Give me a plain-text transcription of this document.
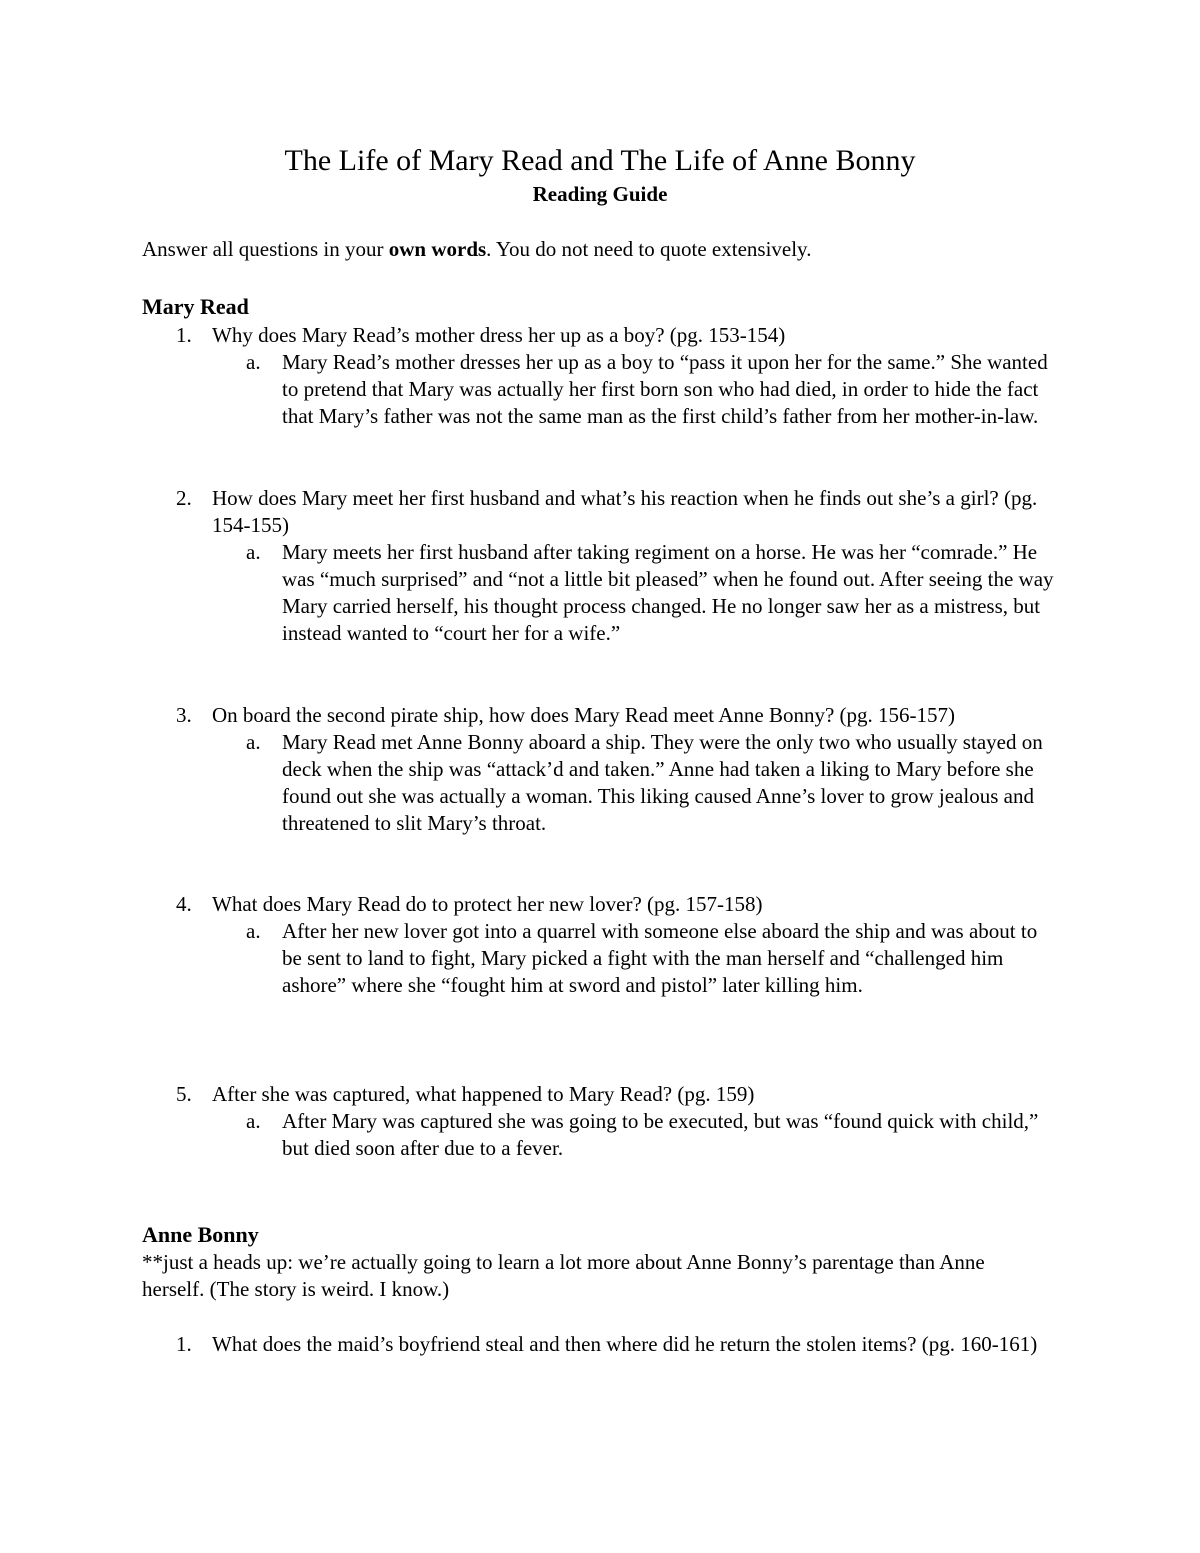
The Life of Mary Read and The Life of Anne Bonny
Reading Guide
Answer all questions in your own words. You do not need to quote extensively.
Mary Read
1. Why does Mary Read’s mother dress her up as a boy? (pg. 153-154)
a. Mary Read’s mother dresses her up as a boy to “pass it upon her for the same.” She wanted to pretend that Mary was actually her first born son who had died, in order to hide the fact that Mary’s father was not the same man as the first child’s father from her mother-in-law.
2. How does Mary meet her first husband and what’s his reaction when he finds out she’s a girl? (pg. 154-155)
a. Mary meets her first husband after taking regiment on a horse. He was her “comrade.” He was “much surprised” and “not a little bit pleased” when he found out. After seeing the way Mary carried herself, his thought process changed. He no longer saw her as a mistress, but instead wanted to “court her for a wife.”
3. On board the second pirate ship, how does Mary Read meet Anne Bonny? (pg. 156-157)
a. Mary Read met Anne Bonny aboard a ship. They were the only two who usually stayed on deck when the ship was “attack’d and taken.” Anne had taken a liking to Mary before she found out she was actually a woman. This liking caused Anne’s lover to grow jealous and threatened to slit Mary’s throat.
4. What does Mary Read do to protect her new lover? (pg. 157-158)
a. After her new lover got into a quarrel with someone else aboard the ship and was about to be sent to land to fight, Mary picked a fight with the man herself and “challenged him ashore” where she “fought him at sword and pistol” later killing him.
5. After she was captured, what happened to Mary Read? (pg. 159)
a. After Mary was captured she was going to be executed, but was “found quick with child,” but died soon after due to a fever.
Anne Bonny
**just a heads up: we’re actually going to learn a lot more about Anne Bonny’s parentage than Anne herself. (The story is weird. I know.)
1. What does the maid’s boyfriend steal and then where did he return the stolen items? (pg. 160-161)
